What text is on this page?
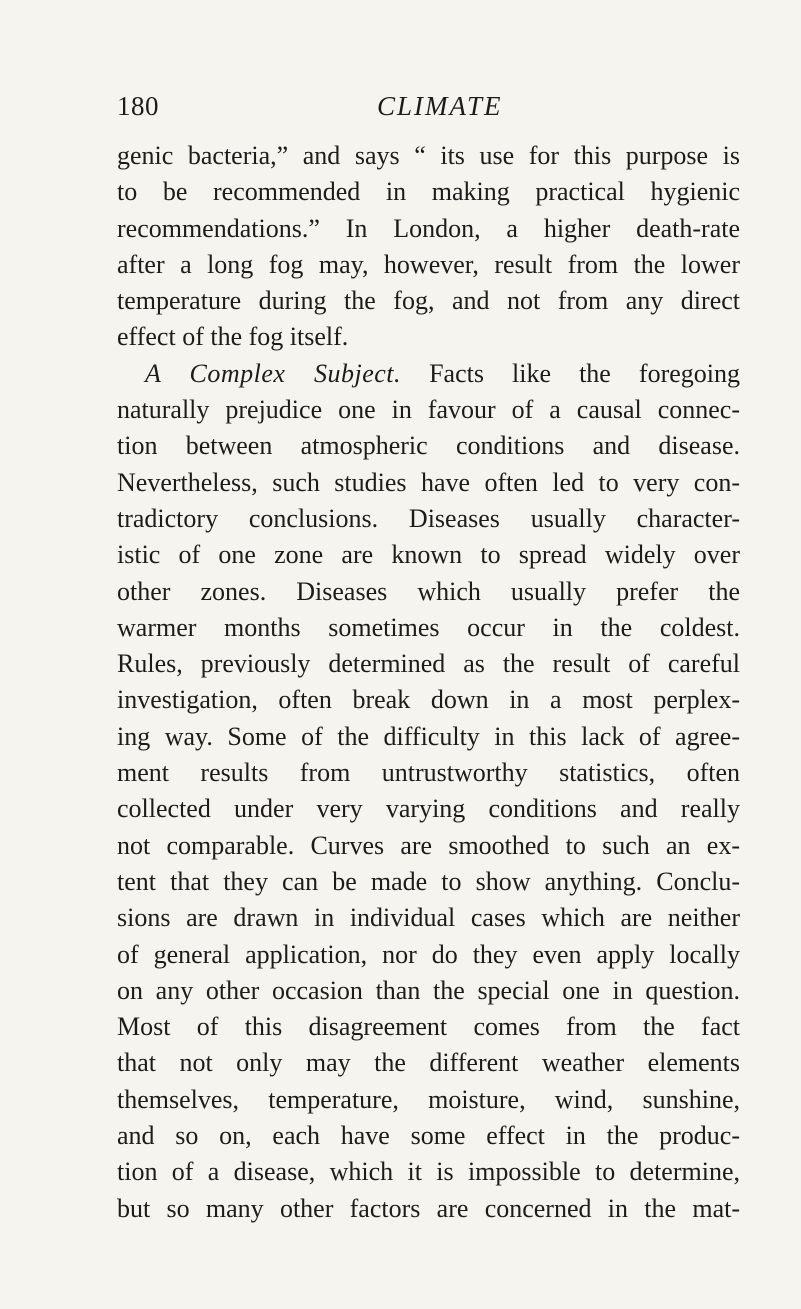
180	CLIMATE
genic bacteria,” and says “ its use for this purpose is
to be recommended in making practical hygienic
recommendations.” In London, a higher death-rate
after a long fog may, however, result from the lower
temperature during the fog, and not from any direct
effect of the fog itself.
A Complex Subject. Facts like the foregoing
naturally prejudice one in favour of a causal connec-
tion between atmospheric conditions and disease.
Nevertheless, such studies have often led to very con-
tradictory conclusions. Diseases usually character-
istic of one zone are known to spread widely over
other zones. Diseases which usually prefer the
warmer months sometimes occur in the coldest.
Rules, previously determined as the result of careful
investigation, often break down in a most perplex-
ing way. Some of the difficulty in this lack of agree-
ment results from untrustworthy statistics, often
collected under very varying conditions and really
not comparable. Curves are smoothed to such an ex-
tent that they can be made to show anything. Conclu-
sions are drawn in individual cases which are neither
of general application, nor do they even apply locally
on any other occasion than the special one in question.
Most of this disagreement comes from the fact
that not only may the different weather elements
themselves, temperature, moisture, wind, sunshine,
and so on, each have some effect in the produc-
tion of a disease, which it is impossible to determine,
but so many other factors are concerned in the mat-
